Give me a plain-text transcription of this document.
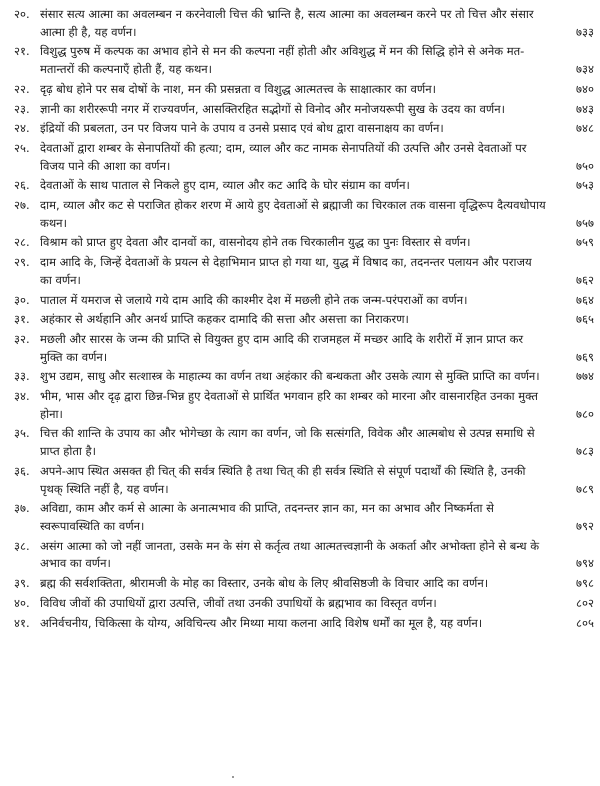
२०. संसार सत्य आत्मा का अवलम्बन न करनेवाली चित्त की भ्रान्ति है, सत्य आत्मा का अवलम्बन करने पर तो चित्त और संसार आत्मा ही है, यह वर्णन।	७३३
२१. विशुद्ध पुरुष में कल्पक का अभाव होने से मन की कल्पना नहीं होती और अविशुद्ध में मन की सिद्धि होने से अनेक मत-मतान्तरों की कल्पनाएँ होती हैं, यह कथन।	७३४
२२. दृढ़ बोध होने पर सब दोषों के नाश, मन की प्रसन्नता व विशुद्ध आत्मतत्त्व के साक्षात्कार का वर्णन।	७४०
२३. ज्ञानी का शरीररूपी नगर में राज्यवर्णन, आसक्तिरहित सद्भोगों से विनोद और मनोजयरूपी सुख के उदय का वर्णन।	७४३
२४. इंद्रियों की प्रबलता, उन पर विजय पाने के उपाय व उनसे प्रसाद एवं बोध द्वारा वासनाक्षय का वर्णन।	७४८
२५. देवताओं द्वारा शम्बर के सेनापतियों की हत्या; दाम, व्याल और कट नामक सेनापतियों की उत्पत्ति और उनसे देवताओं पर विजय पाने की आशा का वर्णन।	७५०
२६. देवताओं के साथ पाताल से निकले हुए दाम, व्याल और कट आदि के घोर संग्राम का वर्णन।	७५३
२७. दाम, व्याल और कट से पराजित होकर शरण में आये हुए देवताओं से ब्रह्माजी का चिरकाल तक वासना वृद्धिरूप दैत्यवधोपाय कथन।	७५७
२८. विश्राम को प्राप्त हुए देवता और दानवों का, वासनोदय होने तक चिरकालीन युद्ध का पुनः विस्तार से वर्णन।	७५९
२९. दाम आदि के, जिन्हें देवताओं के प्रयत्न से देहाभिमान प्राप्त हो गया था, युद्ध में विषाद का, तदनन्तर पलायन और पराजय का वर्णन।	७६२
३०. पाताल में यमराज से जलाये गये दाम आदि की काश्मीर देश में मछली होने तक जन्म-परंपराओं का वर्णन।	७६४
३१. अहंकार से अर्थहानि और अनर्थ प्राप्ति कहकर दामादि की सत्ता और असत्ता का निराकरण।	७६५
३२. मछली और सारस के जन्म की प्राप्ति से वियुक्त हुए दाम आदि की राजमहल में मच्छर आदि के शरीरों में ज्ञान प्राप्त कर मुक्ति का वर्णन।	७६९
३३. शुभ उद्यम, साधु और सत्शास्त्र के माहात्म्य का वर्णन तथा अहंकार की बन्धकता और उसके त्याग से मुक्ति प्राप्ति का वर्णन।	७७४
३४. भीम, भास और दृढ़ द्वारा छिन्न-भिन्न हुए देवताओं से प्रार्थित भगवान हरि का शम्बर को मारना और वासनारहित उनका मुक्त होना।	७८०
३५. चित्त की शान्ति के उपाय का और भोगेच्छा के त्याग का वर्णन, जो कि सत्संगति, विवेक और आत्मबोध से उत्पन्न समाधि से प्राप्त होता है।	७८३
३६. अपने-आप स्थित असक्त ही चित् की सर्वत्र स्थिति है तथा चित् की ही सर्वत्र स्थिति से संपूर्ण पदार्थों की स्थिति है, उनकी पृथक् स्थिति नहीं है, यह वर्णन।	७८९
३७. अविद्या, काम और कर्म से आत्मा के अनात्मभाव की प्राप्ति, तदनन्तर ज्ञान का, मन का अभाव और निष्कर्मता से स्वरूपावस्थिति का वर्णन।	७९२
३८. असंग आत्मा को जो नहीं जानता, उसके मन के संग से कर्तृत्व तथा आत्मतत्त्वज्ञानी के अकर्ता और अभोक्ता होने से बन्ध के अभाव का वर्णन।	७९४
३९. ब्रह्म की सर्वशक्तिता, श्रीरामजी के मोह का विस्तार, उनके बोध के लिए श्रीवसिष्ठजी के विचार आदि का वर्णन।	७९८
४०. विविध जीवों की उपाधियों द्वारा उत्पत्ति, जीवों तथा उनकी उपाधियों के ब्रह्मभाव का विस्तृत वर्णन।	८०२
४१. अनिर्वचनीय, चिकित्सा के योग्य, अविचिन्त्य और मिथ्या माया कलना आदि विशेष धर्मों का मूल है, यह वर्णन।	८०५
